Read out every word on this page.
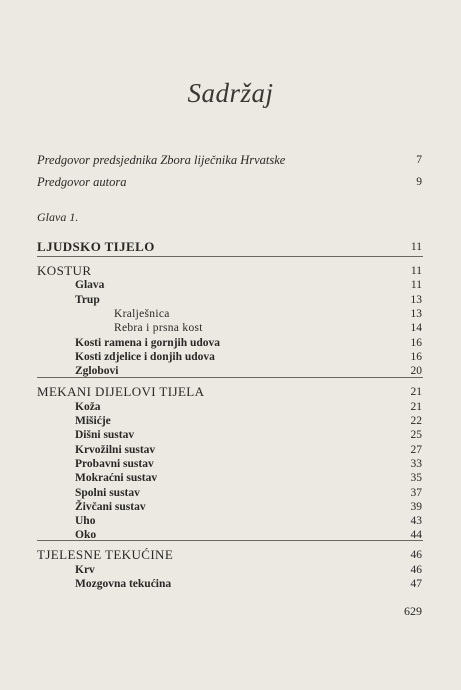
Sadržaj
Predgovor predsjednika Zbora liječnika Hrvatske	7
Predgovor autora	9
Glava 1.
LJUDSKO TIJELO	11
KOSTUR	11
Glava	11
Trup	13
Kralješnica	13
Rebra i prsna kost	14
Kosti ramena i gornjih udova	16
Kosti zdjelice i donjih udova	16
Zglobovi	20
MEKANI DIJELOVI TIJELA	21
Koža	21
Mišićje	22
Dišni sustav	25
Krvožilni sustav	27
Probavni sustav	33
Mokraćni sustav	35
Spolni sustav	37
Živčani sustav	39
Uho	43
Oko	44
TJELESNE TEKUĆINE	46
Krv	46
Mozgovna tekućina	47
629
